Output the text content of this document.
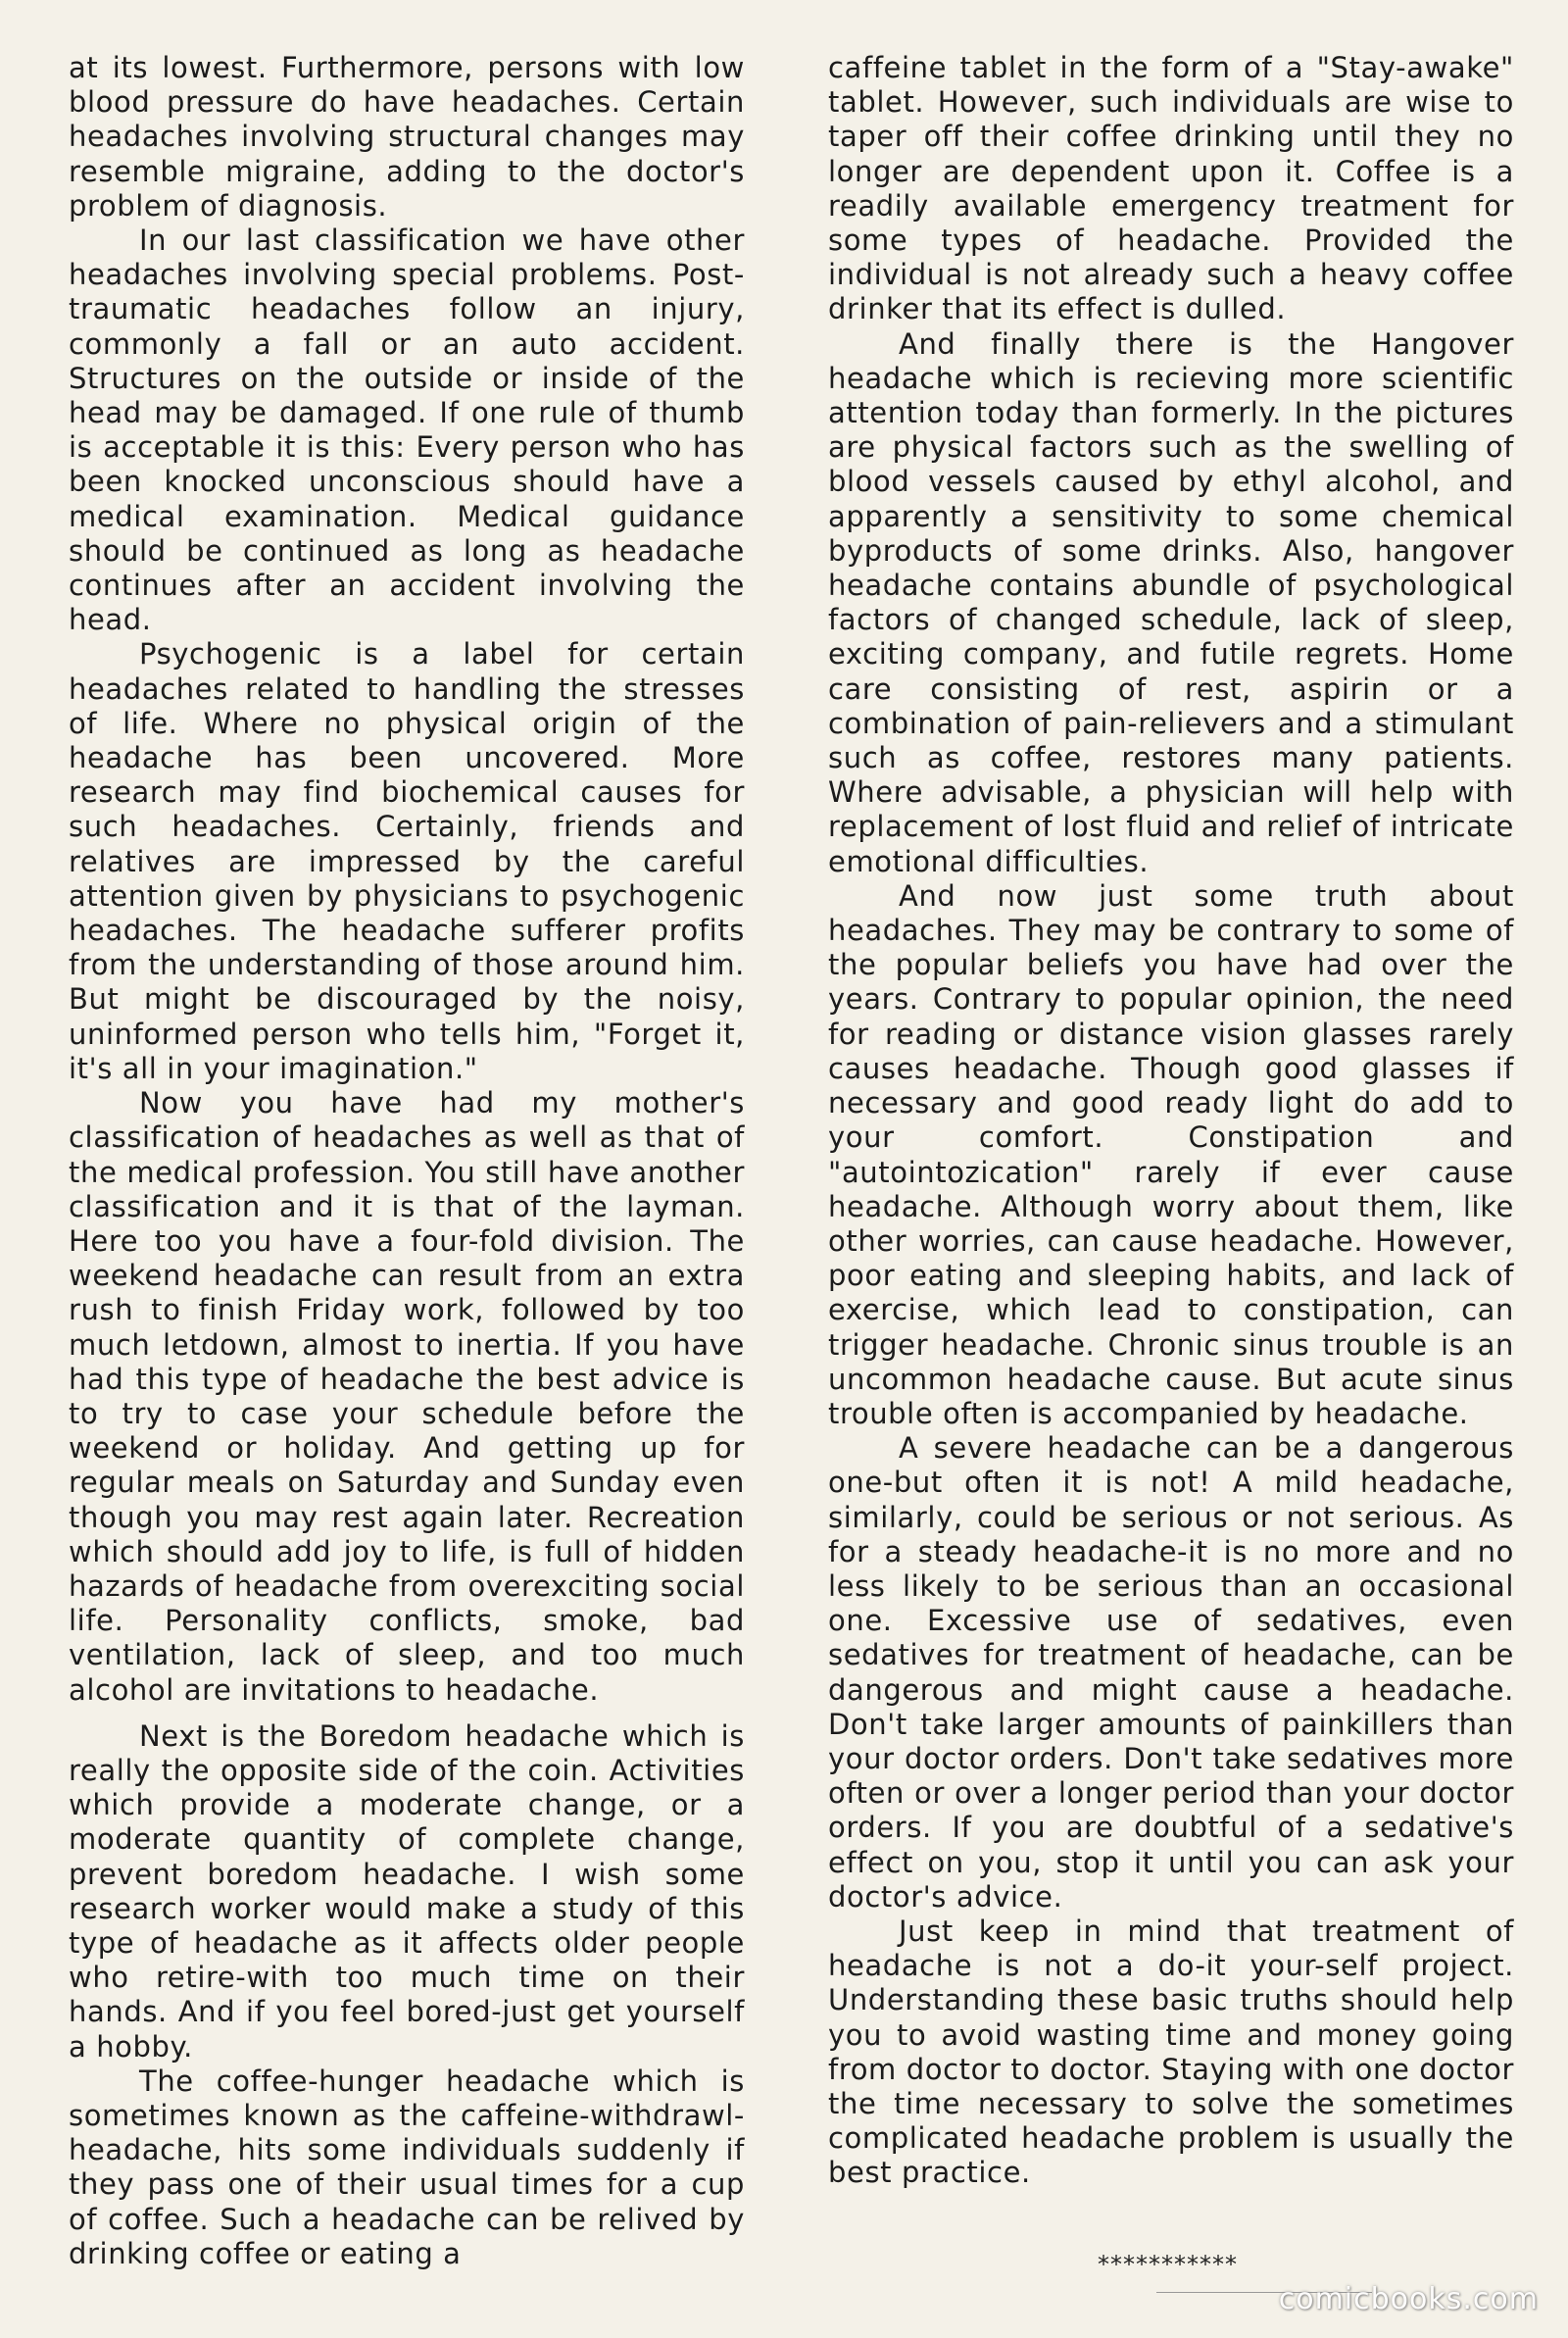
at its lowest. Furthermore, persons with low blood pressure do have headaches. Certain headaches involving structural changes may resemble migraine, adding to the doctor's problem of diagnosis.

In our last classification we have other headaches involving special problems. Post-traumatic headaches follow an injury, commonly a fall or an auto accident. Structures on the outside or inside of the head may be damaged. If one rule of thumb is acceptable it is this: Every person who has been knocked unconscious should have a medical examination. Medical guidance should be continued as long as headache continues after an accident involving the head.

Psychogenic is a label for certain headaches related to handling the stresses of life. Where no physical origin of the headache has been uncovered. More research may find biochemical causes for such headaches. Certainly, friends and relatives are impressed by the careful attention given by physicians to psychogenic headaches. The headache sufferer profits from the understanding of those around him. But might be discouraged by the noisy, uninformed person who tells him, "Forget it, it's all in your imagination."

Now you have had my mother's classification of headaches as well as that of the medical profession. You still have another classification and it is that of the layman. Here too you have a four-fold division. The weekend headache can result from an extra rush to finish Friday work, followed by too much letdown, almost to inertia. If you have had this type of headache the best advice is to try to case your schedule before the weekend or holiday. And getting up for regular meals on Saturday and Sunday even though you may rest again later. Recreation which should add joy to life, is full of hidden hazards of headache from overexciting social life. Personality conflicts, smoke, bad ventilation, lack of sleep, and too much alcohol are invitations to headache.

Next is the Boredom headache which is really the opposite side of the coin. Activities which provide a moderate change, or a moderate quantity of complete change, prevent boredom headache. I wish some research worker would make a study of this type of headache as it affects older people who retire-with too much time on their hands. And if you feel bored-just get yourself a hobby.

The coffee-hunger headache which is sometimes known as the caffeine-withdrawl-headache, hits some individuals suddenly if they pass one of their usual times for a cup of coffee. Such a headache can be relived by drinking coffee or eating a

caffeine tablet in the form of a "Stay-awake" tablet. However, such individuals are wise to taper off their coffee drinking until they no longer are dependent upon it. Coffee is a readily available emergency treatment for some types of headache. Provided the individual is not already such a heavy coffee drinker that its effect is dulled.

And finally there is the Hangover headache which is recieving more scientific attention today than formerly. In the pictures are physical factors such as the swelling of blood vessels caused by ethyl alcohol, and apparently a sensitivity to some chemical byproducts of some drinks. Also, hangover headache contains abundle of psychological factors of changed schedule, lack of sleep, exciting company, and futile regrets. Home care consisting of rest, aspirin or a combination of pain-relievers and a stimulant such as coffee, restores many patients. Where advisable, a physician will help with replacement of lost fluid and relief of intricate emotional difficulties.

And now just some truth about headaches. They may be contrary to some of the popular beliefs you have had over the years. Contrary to popular opinion, the need for reading or distance vision glasses rarely causes headache. Though good glasses if necessary and good ready light do add to your comfort. Constipation and "autointozication" rarely if ever cause headache. Although worry about them, like other worries, can cause headache. However, poor eating and sleeping habits, and lack of exercise, which lead to constipation, can trigger headache. Chronic sinus trouble is an uncommon headache cause. But acute sinus trouble often is accompanied by headache.

A severe headache can be a dangerous one-but often it is not! A mild headache, similarly, could be serious or not serious. As for a steady headache-it is no more and no less likely to be serious than an occasional one. Excessive use of sedatives, even sedatives for treatment of headache, can be dangerous and might cause a headache. Don't take larger amounts of painkillers than your doctor orders. Don't take sedatives more often or over a longer period than your doctor orders. If you are doubtful of a sedative's effect on you, stop it until you can ask your doctor's advice.

Just keep in mind that treatment of headache is not a do-it your-self project. Understanding these basic truths should help you to avoid wasting time and money going from doctor to doctor. Staying with one doctor the time necessary to solve the sometimes complicated headache problem is usually the best practice.

***********
comicbooks.com
